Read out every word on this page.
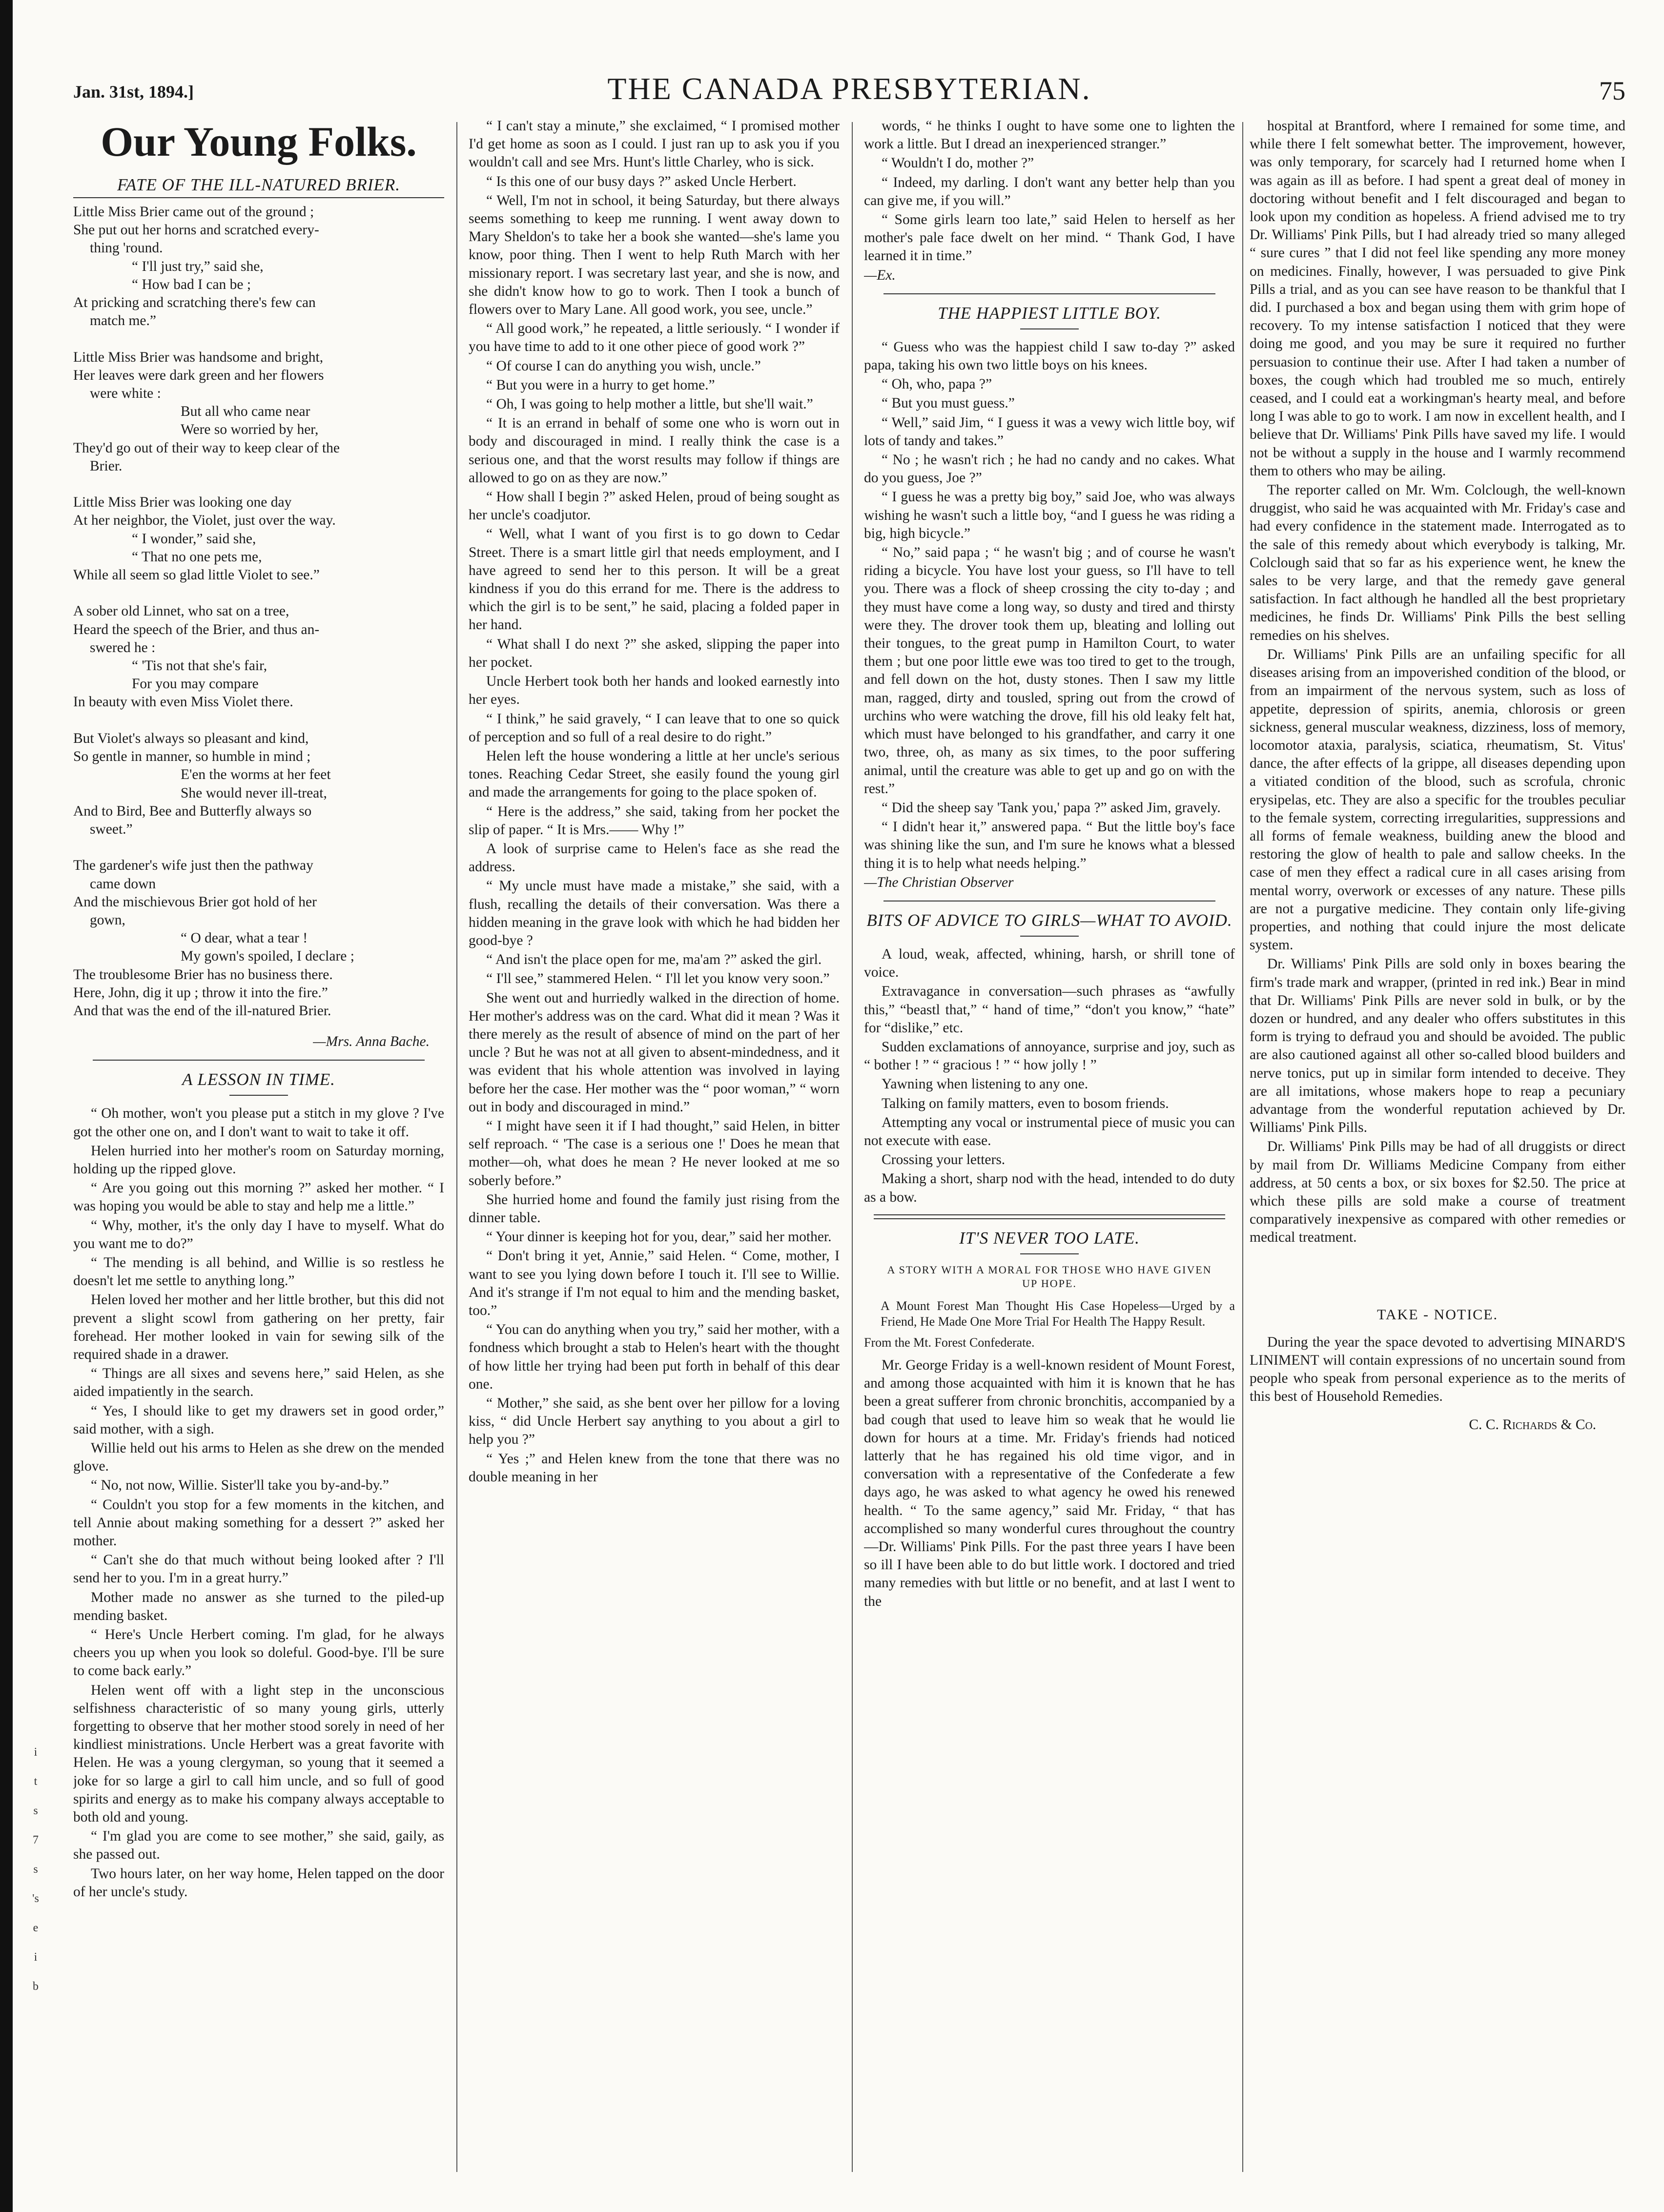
Jan. 31st, 1894.]	THE CANADA PRESBYTERIAN.	75
i
t
s
7
s
's
e
i
b
Our Young Folks.
FATE OF THE ILL-NATURED BRIER.
Little Miss Brier came out of the ground ;
She put out her horns and scratched every-
thing 'round.
“ I'll just try,” said she,
“ How bad I can be ;
At pricking and scratching there's few can
match me.”

Little Miss Brier was handsome and bright,
Her leaves were dark green and her flowers
were white :
But all who came near
Were so worried by her,
They'd go out of their way to keep clear of the
Brier.

Little Miss Brier was looking one day
At her neighbor, the Violet, just over the way.
“ I wonder,” said she,
“ That no one pets me,
While all seem so glad little Violet to see.”

A sober old Linnet, who sat on a tree,
Heard the speech of the Brier, and thus an-
swered he :
“ 'Tis not that she's fair,
For you may compare
In beauty with even Miss Violet there.

But Violet's always so pleasant and kind,
So gentle in manner, so humble in mind ;
E'en the worms at her feet
She would never ill-treat,
And to Bird, Bee and Butterfly always so
sweet.”

The gardener's wife just then the pathway
came down
And the mischievous Brier got hold of her
gown,
“ O dear, what a tear !
My gown's spoiled, I declare ;
The troublesome Brier has no business there.
Here, John, dig it up ; throw it into the fire.”
And that was the end of the ill-natured Brier.

—Mrs. Anna Bache.

A LESSON IN TIME.

“ Oh mother, won't you please put a stitch in my glove ? I've got the other one on, and I don't want to wait to take it off.

Helen hurried into her mother's room on Saturday morning, holding up the ripped glove.

“ Are you going out this morning ?” asked her mother. “ I was hoping you would be able to stay and help me a little.”

“ Why, mother, it's the only day I have to myself. What do you want me to do?”

“ The mending is all behind, and Willie is so restless he doesn't let me settle to anything long.”

Helen loved her mother and her little brother, but this did not prevent a slight scowl from gathering on her pretty, fair forehead. Her mother looked in vain for sewing silk of the required shade in a drawer.

“ Things are all sixes and sevens here,” said Helen, as she aided impatiently in the search.

“ Yes, I should like to get my drawers set in good order,” said mother, with a sigh.

Willie held out his arms to Helen as she drew on the mended glove.

“ No, not now, Willie. Sister'll take you by-and-by.”

“ Couldn't you stop for a few moments in the kitchen, and tell Annie about making something for a dessert ?” asked her mother.

“ Can't she do that much without being looked after ? I'll send her to you. I'm in a great hurry.”

Mother made no answer as she turned to the piled-up mending basket.

“ Here's Uncle Herbert coming. I'm glad, for he always cheers you up when you look so doleful. Good-bye. I'll be sure to come back early.”

Helen went off with a light step in the unconscious selfishness characteristic of so many young girls, utterly forgetting to observe that her mother stood sorely in need of her kindliest ministrations. Uncle Herbert was a great favorite with Helen. He was a young clergyman, so young that it seemed a joke for so large a girl to call him uncle, and so full of good spirits and energy as to make his company always acceptable to both old and young.

“ I'm glad you are come to see mother,” she said, gaily, as she passed out.

Two hours later, on her way home, Helen tapped on the door of her uncle's study.

“ I can't stay a minute,” she exclaimed, “ I promised mother I'd get home as soon as I could. I just ran up to ask you if you wouldn't call and see Mrs. Hunt's little Charley, who is sick.

“ Is this one of our busy days ?” asked Uncle Herbert.

“ Well, I'm not in school, it being Saturday, but there always seems something to keep me running. I went away down to Mary Sheldon's to take her a book she wanted—she's lame you know, poor thing. Then I went to help Ruth March with her missionary report. I was secretary last year, and she is now, and she didn't know how to go to work. Then I took a bunch of flowers over to Mary Lane. All good work, you see, uncle.”

“ All good work,” he repeated, a little seriously. “ I wonder if you have time to add to it one other piece of good work ?”

“ Of course I can do anything you wish, uncle.”

“ But you were in a hurry to get home.”

“ Oh, I was going to help mother a little, but she'll wait.”

“ It is an errand in behalf of some one who is worn out in body and discouraged in mind. I really think the case is a serious one, and that the worst results may follow if things are allowed to go on as they are now.”

“ How shall I begin ?” asked Helen, proud of being sought as her uncle's coadjutor.

“ Well, what I want of you first is to go down to Cedar Street. There is a smart little girl that needs employment, and I have agreed to send her to this person. It will be a great kindness if you do this errand for me. There is the address to which the girl is to be sent,” he said, placing a folded paper in her hand.

“ What shall I do next ?” she asked, slipping the paper into her pocket.

Uncle Herbert took both her hands and looked earnestly into her eyes.

“ I think,” he said gravely, “ I can leave that to one so quick of perception and so full of a real desire to do right.”

Helen left the house wondering a little at her uncle's serious tones. Reaching Cedar Street, she easily found the young girl and made the arrangements for going to the place spoken of.

“ Here is the address,” she said, taking from her pocket the slip of paper. “ It is Mrs.—— Why !”

A look of surprise came to Helen's face as she read the address.

“ My uncle must have made a mistake,” she said, with a flush, recalling the details of their conversation. Was there a hidden meaning in the grave look with which he had bidden her good-bye ?

“ And isn't the place open for me, ma'am ?” asked the girl.

“ I'll see,” stammered Helen. “ I'll let you know very soon.”

She went out and hurriedly walked in the direction of home. Her mother's address was on the card. What did it mean ? Was it there merely as the result of absence of mind on the part of her uncle ? But he was not at all given to absent-mindedness, and it was evident that his whole attention was involved in laying before her the case. Her mother was the “ poor woman,” “ worn out in body and discouraged in mind.”

“ I might have seen it if I had thought,” said Helen, in bitter self reproach. “ 'The case is a serious one !' Does he mean that mother—oh, what does he mean ? He never looked at me so soberly before.”

She hurried home and found the family just rising from the dinner table.

“ Your dinner is keeping hot for you, dear,” said her mother.

“ Don't bring it yet, Annie,” said Helen. “ Come, mother, I want to see you lying down before I touch it. I'll see to Willie. And it's strange if I'm not equal to him and the mending basket, too.”

“ You can do anything when you try,” said her mother, with a fondness which brought a stab to Helen's heart with the thought of how little her trying had been put forth in behalf of this dear one.

“ Mother,” she said, as she bent over her pillow for a loving kiss, “ did Uncle Herbert say anything to you about a girl to help you ?”

“ Yes ;” and Helen knew from the tone that there was no double meaning in her

words, “ he thinks I ought to have some one to lighten the work a little. But I dread an inexperienced stranger.”

“ Wouldn't I do, mother ?”

“ Indeed, my darling. I don't want any better help than you can give me, if you will.”

“ Some girls learn too late,” said Helen to herself as her mother's pale face dwelt on her mind. “ Thank God, I have learned it in time.”

—Ex.

THE HAPPIEST LITTLE BOY.

“ Guess who was the happiest child I saw to-day ?” asked papa, taking his own two little boys on his knees.

“ Oh, who, papa ?”

“ But you must guess.”

“ Well,” said Jim, “ I guess it was a vewy wich little boy, wif lots of tandy and takes.”

“ No ; he wasn't rich ; he had no candy and no cakes. What do you guess, Joe ?”

“ I guess he was a pretty big boy,” said Joe, who was always wishing he wasn't such a little boy, “and I guess he was riding a big, high bicycle.”

“ No,” said papa ; “ he wasn't big ; and of course he wasn't riding a bicycle. You have lost your guess, so I'll have to tell you. There was a flock of sheep crossing the city to-day ; and they must have come a long way, so dusty and tired and thirsty were they. The drover took them up, bleating and lolling out their tongues, to the great pump in Hamilton Court, to water them ; but one poor little ewe was too tired to get to the trough, and fell down on the hot, dusty stones. Then I saw my little man, ragged, dirty and tousled, spring out from the crowd of urchins who were watching the drove, fill his old leaky felt hat, which must have belonged to his grandfather, and carry it one two, three, oh, as many as six times, to the poor suffering animal, until the creature was able to get up and go on with the rest.”

“ Did the sheep say 'Tank you,' papa ?” asked Jim, gravely.

“ I didn't hear it,” answered papa. “ But the little boy's face was shining like the sun, and I'm sure he knows what a blessed thing it is to help what needs helping.”

—The Christian Observer

BITS OF ADVICE TO GIRLS—WHAT TO AVOID.

A loud, weak, affected, whining, harsh, or shrill tone of voice.

Extravagance in conversation—such phrases as “awfully this,” “beastl that,” “ hand of time,” “don't you know,” “hate” for “dislike,” etc.

Sudden exclamations of annoyance, surprise and joy, such as “ bother ! ” “ gracious ! ” “ how jolly ! ”

Yawning when listening to any one.

Talking on family matters, even to bosom friends.

Attempting any vocal or instrumental piece of music you can not execute with ease.

Crossing your letters.

Making a short, sharp nod with the head, intended to do duty as a bow.

IT'S NEVER TOO LATE.

A STORY WITH A MORAL FOR THOSE WHO HAVE GIVEN UP HOPE.

A Mount Forest Man Thought His Case Hopeless—Urged by a Friend, He Made One More Trial For Health The Happy Result.

From the Mt. Forest Confederate.

Mr. George Friday is a well-known resident of Mount Forest, and among those acquainted with him it is known that he has been a great sufferer from chronic bronchitis, accompanied by a bad cough that used to leave him so weak that he would lie down for hours at a time. Mr. Friday's friends had noticed latterly that he has regained his old time vigor, and in conversation with a representative of the Confederate a few days ago, he was asked to what agency he owed his renewed health. “ To the same agency,” said Mr. Friday, “ that has accomplished so many wonderful cures throughout the country—Dr. Williams' Pink Pills. For the past three years I have been so ill I have been able to do but little work. I doctored and tried many remedies with but little or no benefit, and at last I went to the

hospital at Brantford, where I remained for some time, and while there I felt somewhat better. The improvement, however, was only temporary, for scarcely had I returned home when I was again as ill as before. I had spent a great deal of money in doctoring without benefit and I felt discouraged and began to look upon my condition as hopeless. A friend advised me to try Dr. Williams' Pink Pills, but I had already tried so many alleged “ sure cures ” that I did not feel like spending any more money on medicines. Finally, however, I was persuaded to give Pink Pills a trial, and as you can see have reason to be thankful that I did. I purchased a box and began using them with grim hope of recovery. To my intense satisfaction I noticed that they were doing me good, and you may be sure it required no further persuasion to continue their use. After I had taken a number of boxes, the cough which had troubled me so much, entirely ceased, and I could eat a workingman's hearty meal, and before long I was able to go to work. I am now in excellent health, and I believe that Dr. Williams' Pink Pills have saved my life. I would not be without a supply in the house and I warmly recommend them to others who may be ailing.

The reporter called on Mr. Wm. Colclough, the well-known druggist, who said he was acquainted with Mr. Friday's case and had every confidence in the statement made. Interrogated as to the sale of this remedy about which everybody is talking, Mr. Colclough said that so far as his experience went, he knew the sales to be very large, and that the remedy gave general satisfaction. In fact although he handled all the best proprietary medicines, he finds Dr. Williams' Pink Pills the best selling remedies on his shelves.

Dr. Williams' Pink Pills are an unfailing specific for all diseases arising from an impoverished condition of the blood, or from an impairment of the nervous system, such as loss of appetite, depression of spirits, anemia, chlorosis or green sickness, general muscular weakness, dizziness, loss of memory, locomotor ataxia, paralysis, sciatica, rheumatism, St. Vitus' dance, the after effects of la grippe, all diseases depending upon a vitiated condition of the blood, such as scrofula, chronic erysipelas, etc. They are also a specific for the troubles peculiar to the female system, correcting irregularities, suppressions and all forms of female weakness, building anew the blood and restoring the glow of health to pale and sallow cheeks. In the case of men they effect a radical cure in all cases arising from mental worry, overwork or excesses of any nature. These pills are not a purgative medicine. They contain only life-giving properties, and nothing that could injure the most delicate system.

Dr. Williams' Pink Pills are sold only in boxes bearing the firm's trade mark and wrapper, (printed in red ink.) Bear in mind that Dr. Williams' Pink Pills are never sold in bulk, or by the dozen or hundred, and any dealer who offers substitutes in this form is trying to defraud you and should be avoided. The public are also cautioned against all other so-called blood builders and nerve tonics, put up in similar form intended to deceive. They are all imitations, whose makers hope to reap a pecuniary advantage from the wonderful reputation achieved by Dr. Williams' Pink Pills.

Dr. Williams' Pink Pills may be had of all druggists or direct by mail from Dr. Williams Medicine Company from either address, at 50 cents a box, or six boxes for $2.50. The price at which these pills are sold make a course of treatment comparatively inexpensive as compared with other remedies or medical treatment.

TAKE - NOTICE.

During the year the space devoted to advertising MINARD'S LINIMENT will contain expressions of no uncertain sound from people who speak from personal experience as to the merits of this best of Household Remedies.

C. C. Richards & Co.
